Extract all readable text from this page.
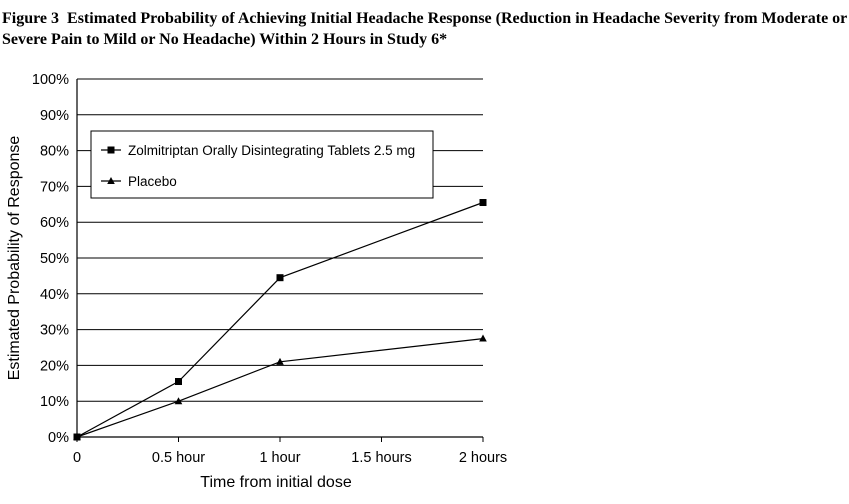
Figure 3 Estimated Probability of Achieving Initial Headache Response (Reduction in Headache Severity from Moderate or Severe Pain to Mild or No Headache) Within 2 Hours in Study 6*
0%
10%
20%
30%
40%
50%
60%
70%
80%
90%
100%
0	0.5 hour	1 hour	1.5 hours	2 hours
Time from initial dose
Estimated Probability of Response	Zolmitriptan Orally Disintegrating Tablets 2.5 mg
Placebo
